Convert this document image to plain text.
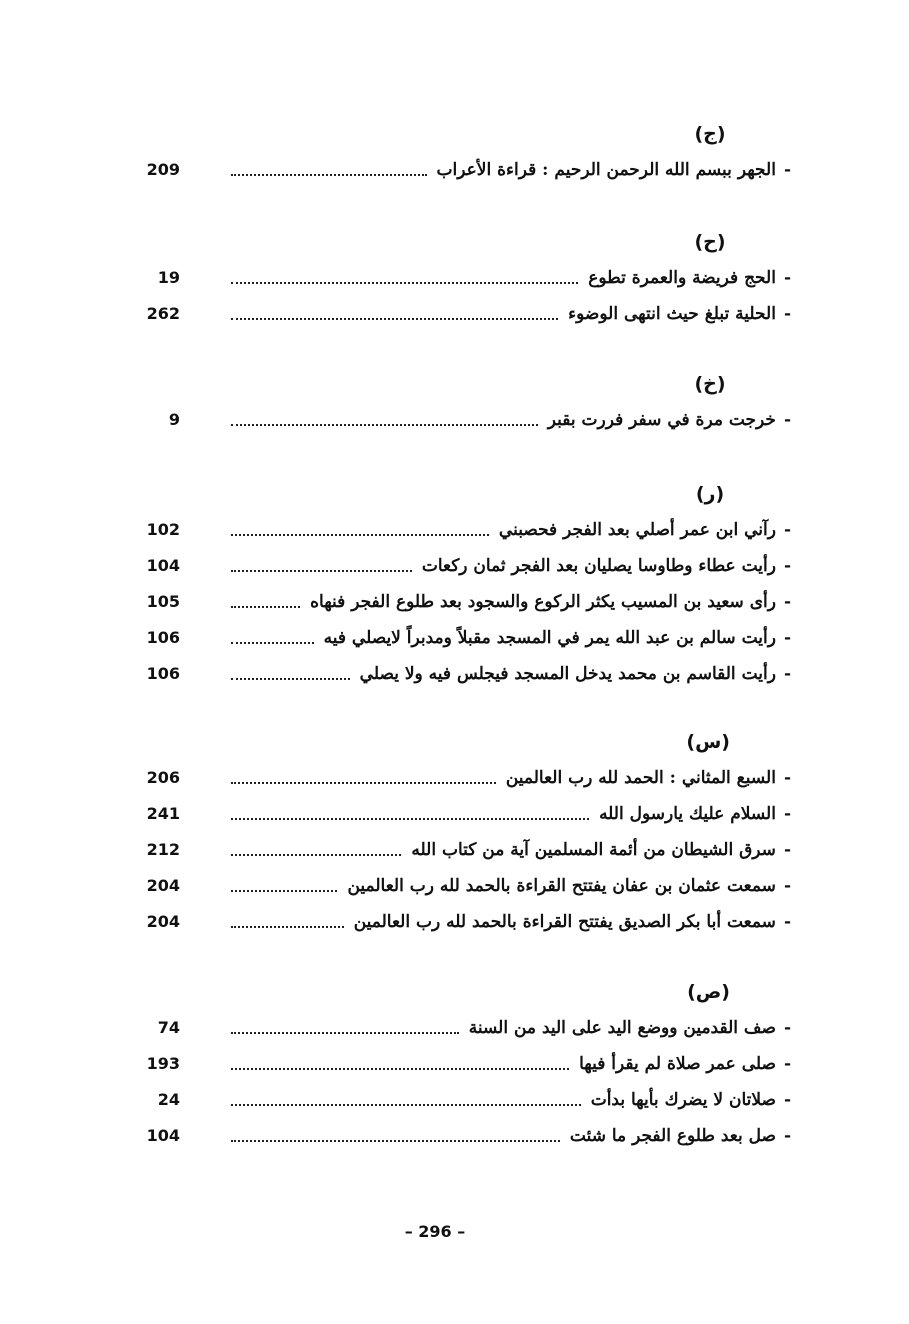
(ج)
-
الجهر ببسم الله الرحمن الرحيم : قراءة الأعراب
209
(ح)
-
الحج فريضة والعمرة تطوع
19
-
الحلية تبلغ حيث انتهى الوضوء
262
(خ)
-
خرجت مرة في سفر فررت بقبر
9
(ر)
-
رآني ابن عمر أصلي بعد الفجر فحصبني
102
-
رأيت عطاء وطاوسا يصليان بعد الفجر ثمان ركعات
104
-
رأى سعيد بن المسيب يكثر الركوع والسجود بعد طلوع الفجر فنهاه
105
-
رأيت سالم بن عبد الله يمر في المسجد مقبلاً ومدبراً لايصلي فيه
106
-
رأيت القاسم بن محمد يدخل المسجد فيجلس فيه ولا يصلي
106
(س)
-
السبع المثاني : الحمد لله رب العالمين
206
-
السلام عليك يارسول الله
241
-
سرق الشيطان من أئمة المسلمين آية من كتاب الله
212
-
سمعت عثمان بن عفان يفتتح القراءة بالحمد لله رب العالمين
204
-
سمعت أبا بكر الصديق يفتتح القراءة بالحمد لله رب العالمين
204
(ص)
-
صف القدمين ووضع اليد على اليد من السنة
74
-
صلى عمر صلاة لم يقرأ فيها
193
-
صلاتان لا يضرك بأيها بدأت
24
-
صل بعد طلوع الفجر ما شئت
104
– 296 –
